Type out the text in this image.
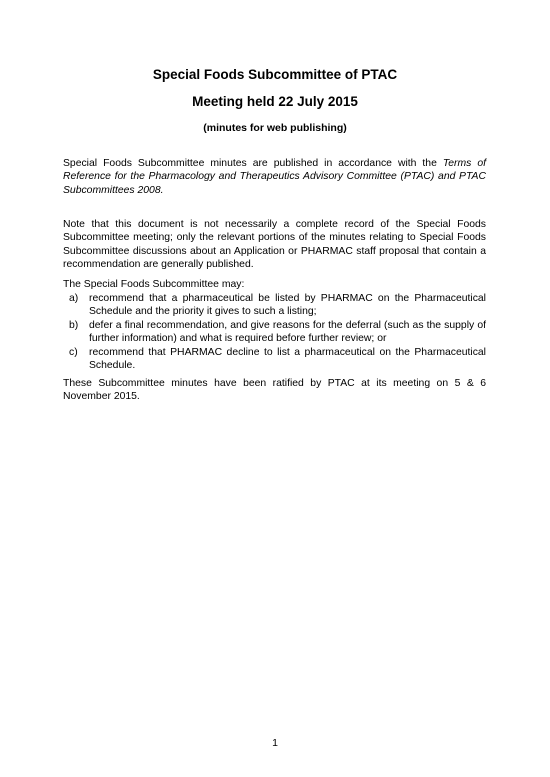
Special Foods Subcommittee of PTAC
Meeting held 22 July 2015
(minutes for web publishing)

Special Foods Subcommittee minutes are published in accordance with the Terms of Reference for the Pharmacology and Therapeutics Advisory Committee (PTAC) and PTAC Subcommittees 2008.

Note that this document is not necessarily a complete record of the Special Foods Subcommittee meeting; only the relevant portions of the minutes relating to Special Foods Subcommittee discussions about an Application or PHARMAC staff proposal that contain a recommendation are generally published.

The Special Foods Subcommittee may:

a)	recommend that a pharmaceutical be listed by PHARMAC on the Pharmaceutical Schedule and the priority it gives to such a listing;
b)	defer a final recommendation, and give reasons for the deferral (such as the supply of further information) and what is required before further review; or
c)	recommend that PHARMAC decline to list a pharmaceutical on the Pharmaceutical Schedule.

These Subcommittee minutes have been ratified by PTAC at its meeting on 5 & 6 November 2015.

1
